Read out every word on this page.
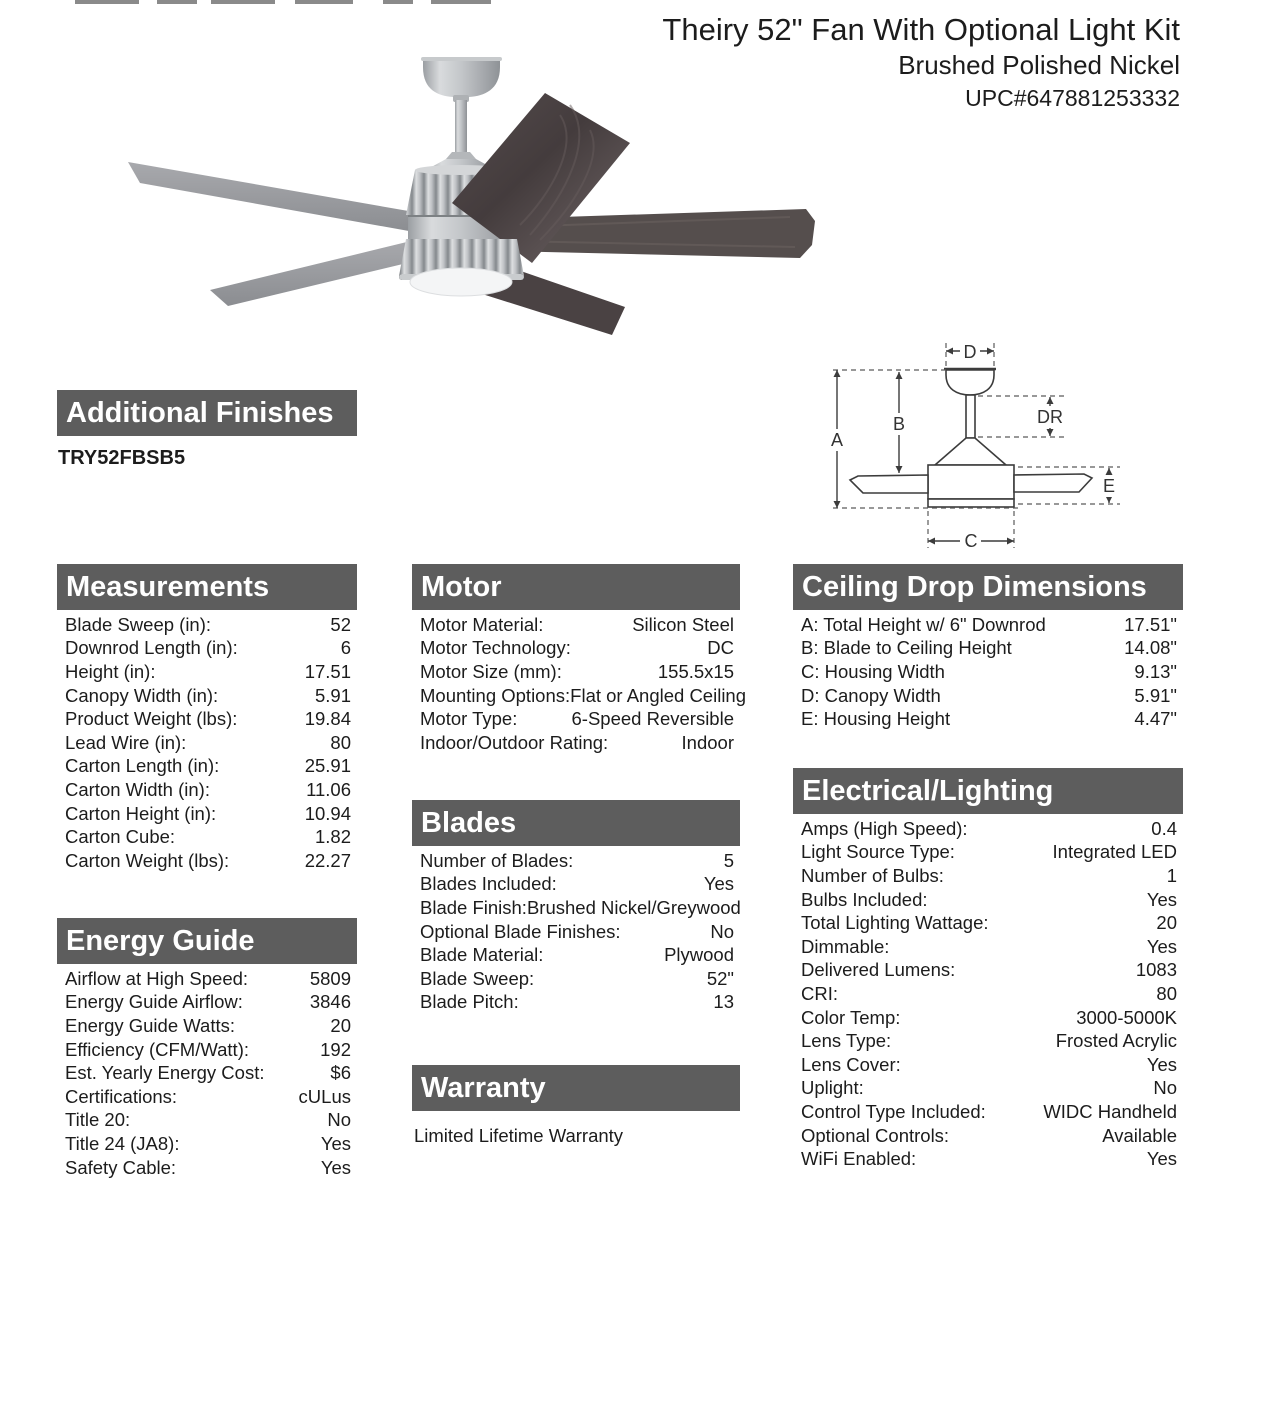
Theiry 52" Fan With Optional Light Kit
Brushed Polished Nickel
UPC#647881253332
D
A
B	DR
E
C
Additional Finishes
TRY52FBSB5
Measurements
Blade Sweep (in):	52
Downrod Length (in):	6
Height (in):	17.51
Canopy Width (in):	5.91
Product Weight (lbs):	19.84
Lead Wire (in):	80
Carton Length (in):	25.91
Carton Width (in):	11.06
Carton Height (in):	10.94
Carton Cube:	1.82
Carton Weight (lbs):	22.27
Energy Guide
Airflow at High Speed:	5809
Energy Guide Airflow:	3846
Energy Guide Watts:	20
Efficiency (CFM/Watt):	192
Est. Yearly Energy Cost:	$6
Certifications:	cULus
Title 20:	No
Title 24 (JA8):	Yes
Safety Cable:	Yes
Motor
Motor Material:	Silicon Steel
Motor Technology:	DC
Motor Size (mm):	155.5x15
Mounting Options: Flat or Angled Ceiling
Motor Type:	6-Speed Reversible
Indoor/Outdoor Rating:	Indoor
Blades
Number of Blades:	5
Blades Included:	Yes
Blade Finish: Brushed Nickel/Greywood
Optional Blade Finishes:	No
Blade Material:	Plywood
Blade Sweep:	52"
Blade Pitch:	13
Warranty
Limited Lifetime Warranty
Ceiling Drop Dimensions
A: Total Height w/ 6" Downrod	17.51"
B: Blade to Ceiling Height	14.08"
C: Housing Width	9.13"
D: Canopy Width	5.91"
E: Housing Height	4.47"
Electrical/Lighting
Amps (High Speed):	0.4
Light Source Type:	Integrated LED
Number of Bulbs:	1
Bulbs Included:	Yes
Total Lighting Wattage:	20
Dimmable:	Yes
Delivered Lumens:	1083
CRI:	80
Color Temp:	3000-5000K
Lens Type:	Frosted Acrylic
Lens Cover:	Yes
Uplight:	No
Control Type Included:	WIDC Handheld
Optional Controls:	Available
WiFi Enabled:	Yes
